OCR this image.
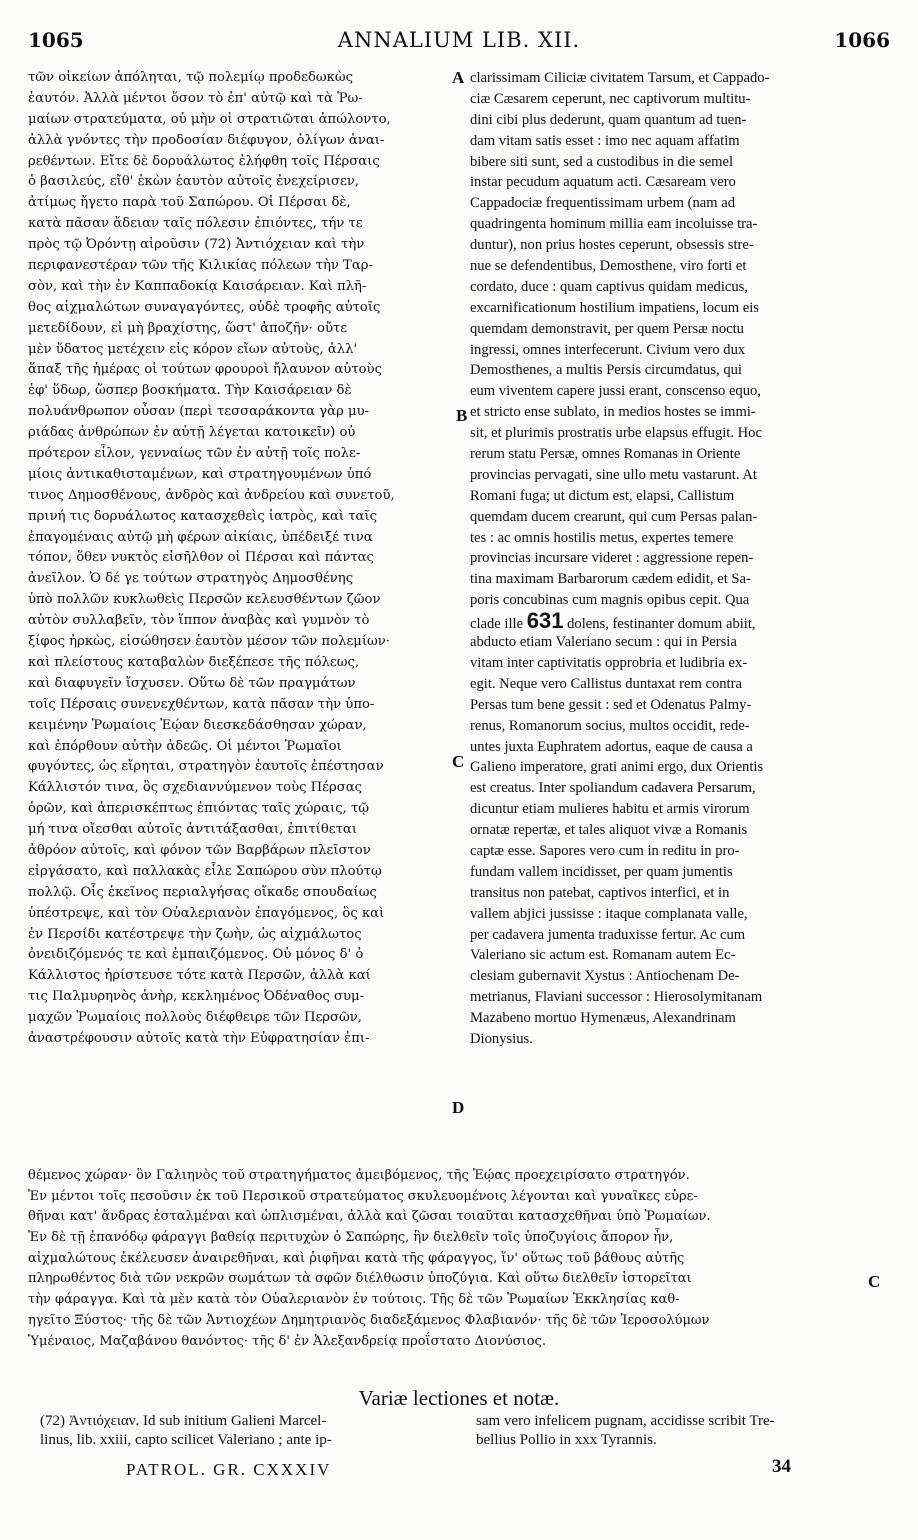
1065	ANNALIUM LIB. XII.	1066
τῶν οἰκείων ἀπόληται, τῷ πολεμίῳ προδεδωκὼς
ἑαυτόν. Ἀλλὰ μέντοι ὅσον τὸ ἐπ' αὐτῷ καὶ τὰ Ῥω-
μαίων στρατεύματα, οὐ μὴν οἱ στρατιῶται ἀπώλοντο,
ἀλλὰ γνόντες τὴν προδοσίαν διέφυγον, ὀλίγων ἀναι-
ρεθέντων. Εἴτε δὲ δορυάλωτος ἐλήφθη τοῖς Πέρσαις
ὁ βασιλεύς, εἴθ' ἑκὼν ἑαυτὸν αὐτοῖς ἐνεχείρισεν,
ἀτίμως ἤγετο παρὰ τοῦ Σαπώρου. Οἱ Πέρσαι δὲ,
κατὰ πᾶσαν ἄδειαν ταῖς πόλεσιν ἐπιόντες, τήν τε
πρὸς τῷ Ὀρόντῃ αἱροῦσιν (72) Ἀντιόχειαν καὶ τὴν
περιφανεστέραν τῶν τῆς Κιλικίας πόλεων τὴν Ταρ-
σὸν, καὶ τὴν ἐν Καππαδοκίᾳ Καισάρειαν. Καὶ πλῆ-
θος αἰχμαλώτων συναγαγόντες, οὐδὲ τροφῆς αὐτοῖς
μετεδίδουν, εἰ μὴ βραχίστης, ὥστ' ἀποζῆν· οὔτε
μὲν ὕδατος μετέχειν εἰς κόρον εἴων αὐτοὺς, ἀλλ'
ἅπαξ τῆς ἡμέρας οἱ τούτων φρουροὶ ἤλαυνον αὐτοὺς
ἐφ' ὕδωρ, ὥσπερ βοσκήματα. Τὴν Καισάρειαν δὲ
πολυάνθρωπον οὖσαν (περὶ τεσσαράκοντα γὰρ μυ-
ριάδας ἀνθρώπων ἐν αὐτῇ λέγεται κατοικεῖν) οὐ
πρότερον εἷλον, γενναίως τῶν ἐν αὐτῇ τοῖς πολε-
μίοις ἀντικαθισταμένων, καὶ στρατηγουμένων ὑπό
τινος Δημοσθένους, ἀνδρὸς καὶ ἀνδρείου καὶ συνετοῦ,
πρινή τις δορυάλωτος κατασχεθεὶς ἰατρὸς, καὶ ταῖς
ἐπαγομέναις αὐτῷ μὴ φέρων αἰκίαις, ὑπέδειξέ τινα
τόπον, ὅθεν νυκτὸς εἰσῆλθον οἱ Πέρσαι καὶ πάντας
ἀνεῖλον. Ὁ δέ γε τούτων στρατηγὸς Δημοσθένης
ὑπὸ πολλῶν κυκλωθεὶς Περσῶν κελευσθέντων ζῶον
αὐτὸν συλλαβεῖν, τὸν ἵππον ἀναβὰς καὶ γυμνὸν τὸ
ξίφος ἠρκὼς, εἰσώθησεν ἑαυτὸν μέσον τῶν πολεμίων·
καὶ πλείστους καταβαλὼν διεξέπεσε τῆς πόλεως,
καὶ διαφυγεῖν ἴσχυσεν. Οὕτω δὲ τῶν πραγμάτων
τοῖς Πέρσαις συνενεχθέντων, κατὰ πᾶσαν τὴν ὑπο-
κειμένην Ῥωμαίοις Ἑῴαν διεσκεδάσθησαν χώραν,
καὶ ἐπόρθουν αὐτὴν ἀδεῶς. Οἱ μέντοι Ῥωμαῖοι
φυγόντες, ὡς εἴρηται, στρατηγὸν ἑαυτοῖς ἐπέστησαν
Κάλλιστόν τινα, ὃς σχεδιαννύμενον τοὺς Πέρσας
ὁρῶν, καὶ ἀπερισκέπτως ἐπιόντας ταῖς χώραις, τῷ
μή τινα οἴεσθαι αὐτοῖς ἀντιτάξασθαι, ἐπιτίθεται
ἀθρόον αὐτοῖς, καὶ φόνον τῶν Βαρβάρων πλεῖστον
εἰργάσατο, καὶ παλλακὰς εἷλε Σαπώρου σὺν πλούτῳ
πολλῷ. Οἷς ἐκεῖνος περιαλγήσας οἴκαδε σπουδαίως
ὑπέστρεψε, καὶ τὸν Οὐαλεριανὸν ἐπαγόμενος, ὃς καὶ
ἐν Περσίδι κατέστρεψε τὴν ζωὴν, ὡς αἰχμάλωτος
ὀνειδιζόμενός τε καὶ ἐμπαιζόμενος. Οὐ μόνος δ' ὁ
Κάλλιστος ἠρίστευσε τότε κατὰ Περσῶν, ἀλλὰ καί
τις Παλμυρηνὸς ἀνὴρ, κεκλημένος Ὀδέναθος συμ-
μαχῶν Ῥωμαίοις πολλοὺς διέφθειρε τῶν Περσῶν,
ἀναστρέφουσιν αὐτοῖς κατὰ τὴν Εὐφρατησίαν ἐπι-
clarissimam Ciliciæ civitatem Tarsum, et Cappado-
ciæ Cæsarem ceperunt, nec captivorum multitu-
dini cibi plus dederunt, quam quantum ad tuen-
dam vitam satis esset : imo nec aquam affatim
bibere siti sunt, sed a custodibus in die semel
instar pecudum aquatum acti. Cæsaream vero
Cappadociæ frequentissimam urbem (nam ad
quadringenta hominum millia eam incoluisse tra-
duntur), non prius hostes ceperunt, obsessis stre-
nue se defendentibus, Demosthene, viro forti et
cordato, duce : quam captivus quidam medicus,
excarnificationum hostilium impatiens, locum eis
quemdam demonstravit, per quem Persæ noctu
ingressi, omnes interfecerunt. Civium vero dux
Demosthenes, a multis Persis circumdatus, qui
eum viventem capere jussi erant, conscenso equo,
et stricto ense sublato, in medios hostes se immi-
sit, et plurimis prostratis urbe elapsus effugit. Hoc
rerum statu Persæ, omnes Romanas in Oriente
provincias pervagati, sine ullo metu vastarunt. At
Romani fuga; ut dictum est, elapsi, Callistum
quemdam ducem crearunt, qui cum Persas palan-
tes : ac omnis hostilis metus, expertes temere
provincias incursare videret : aggressione repen-
tina maximam Barbarorum cædem edidit, et Sa-
poris concubinas cum magnis opibus cepit. Qua
clade ille 631 dolens, festinanter domum abiit,
abducto etiam Valeriano secum : qui in Persia
vitam inter captivitatis opprobria et ludibria ex-
egit. Neque vero Callistus duntaxat rem contra
Persas tum bene gessit : sed et Odenatus Palmy-
renus, Romanorum socius, multos occidit, rede-
untes juxta Euphratem adortus, eaque de causa a
Galieno imperatore, grati animi ergo, dux Orientis
est creatus. Inter spoliandum cadavera Persarum,
dicuntur etiam mulieres habitu et armis virorum
ornatæ repertæ, et tales aliquot vivæ a Romanis
captæ esse. Sapores vero cum in reditu in pro-
fundam vallem incidisset, per quam jumentis
transitus non patebat, captivos interfici, et in
vallem abjici jussisse : itaque complanata valle,
per cadavera jumenta traduxisse fertur. Ac cum
Valeriano sic actum est. Romanam autem Ec-
clesiam gubernavit Xystus : Antiochenam De-
metrianus, Flaviani successor : Hierosolymitanam
Mazabeno mortuo Hymenæus, Alexandrinam
Dionysius.
A
B
C
D
C
θέμενος χώραν· ὃν Γαλιηνὸς τοῦ στρατηγήματος ἀμειβόμενος, τῆς Ἑῴας προεχειρίσατο στρατηγόν.
Ἐν μέντοι τοῖς πεσοῦσιν ἐκ τοῦ Περσικοῦ στρατεύματος σκυλευομένοις λέγονται καὶ γυναῖκες εὑρε-
θῆναι κατ' ἄνδρας ἐσταλμέναι καὶ ὡπλισμέναι, ἀλλὰ καὶ ζῶσαι τοιαῦται κατασχεθῆναι ὑπὸ Ῥωμαίων.
Ἐν δὲ τῇ ἐπανόδῳ φάραγγι βαθείᾳ περιτυχὼν ὁ Σαπώρης, ἣν διελθεῖν τοῖς ὑποζυγίοις ἄπορον ἦν,
αἰχμαλώτους ἐκέλευσεν ἀναιρεθῆναι, καὶ ῥιφῆναι κατὰ τῆς φάραγγος, ἵν' οὕτως τοῦ βάθους αὐτῆς
πληρωθέντος διὰ τῶν νεκρῶν σωμάτων τὰ σφῶν διέλθωσιν ὑποζύγια. Καὶ οὕτω διελθεῖν ἱστορεῖται
τὴν φάραγγα. Καὶ τὰ μὲν κατὰ τὸν Οὐαλεριανὸν ἐν τούτοις. Τῆς δὲ τῶν Ῥωμαίων Ἐκκλησίας καθ-
ηγεῖτο Ξύστος· τῆς δὲ τῶν Ἀντιοχέων Δημητριανὸς διαδεξάμενος Φλαβιανόν· τῆς δὲ τῶν Ἱεροσολύμων
Ὑμέναιος, Μαζαβάνου θανόντος· τῆς δ' ἐν Ἀλεξανδρείᾳ προΐστατο Διονύσιος.
Variæ lectiones et notæ.
(72) Ἀντιόχειαν. Id sub initium Galieni Marcel-
linus, lib. xxiii, capto scilicet Valeriano ; ante ip-
sam vero infelicem pugnam, accidisse scribit Tre-
bellius Pollio in xxx Tyrannis.
PATROL. GR. CXXXIV	34
